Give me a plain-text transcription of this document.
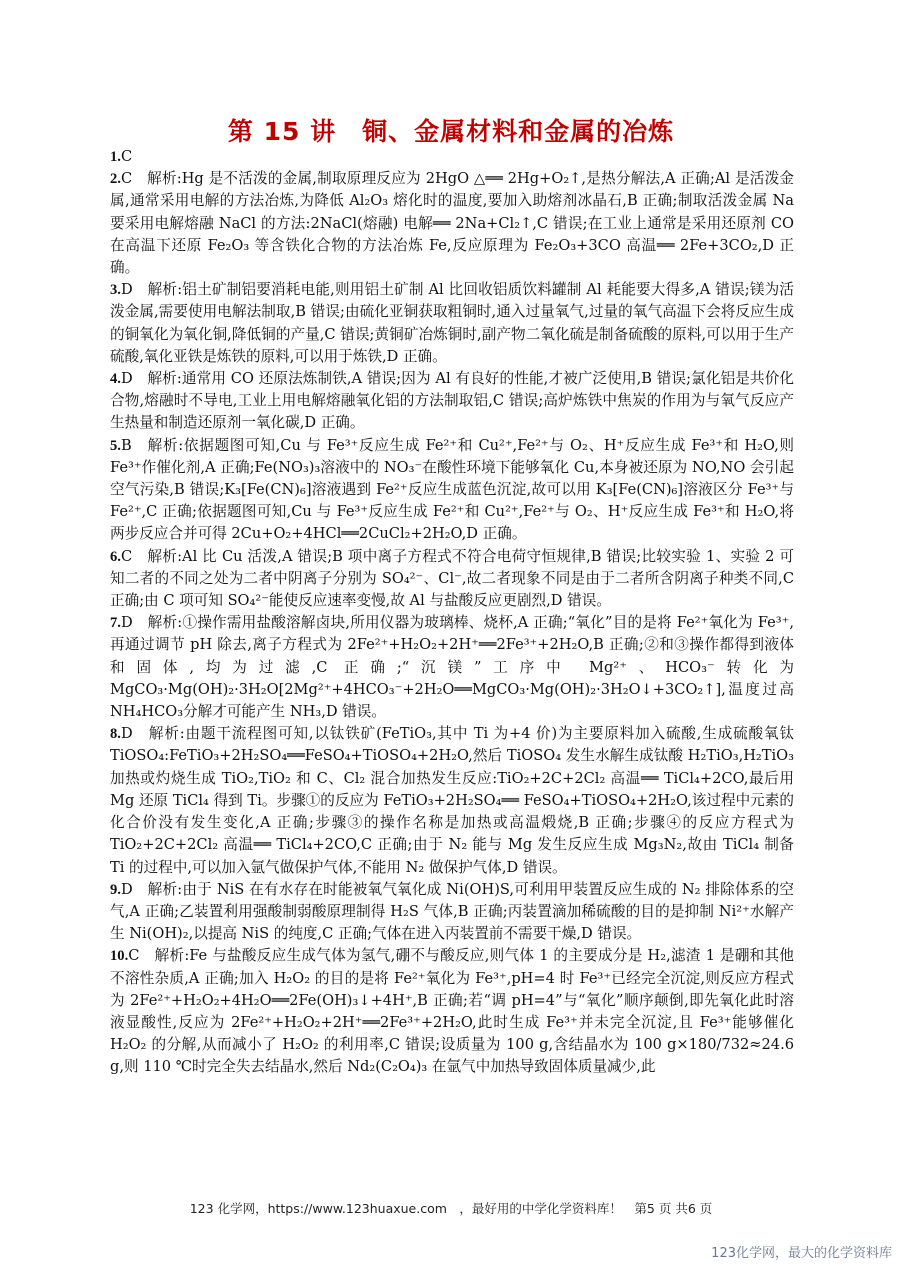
第 15 讲　铜、金属材料和金属的冶炼

1.C

2.C　解析:Hg 是不活泼的金属,制取原理反应为 2HgO △══ 2Hg+O₂↑,是热分解法,A 正确;Al 是活泼金属,通常采用电解的方法冶炼,为降低 Al₂O₃ 熔化时的温度,要加入助熔剂冰晶石,B 正确;制取活泼金属 Na 要采用电解熔融 NaCl 的方法:2NaCl(熔融) 电解══ 2Na+Cl₂↑,C 错误;在工业上通常是采用还原剂 CO 在高温下还原 Fe₂O₃ 等含铁化合物的方法冶炼 Fe,反应原理为 Fe₂O₃+3CO 高温══ 2Fe+3CO₂,D 正确。

3.D　解析:铝土矿制铝要消耗电能,则用铝土矿制 Al 比回收铝质饮料罐制 Al 耗能要大得多,A 错误;镁为活泼金属,需要使用电解法制取,B 错误;由硫化亚铜获取粗铜时,通入过量氧气,过量的氧气高温下会将反应生成的铜氧化为氧化铜,降低铜的产量,C 错误;黄铜矿冶炼铜时,副产物二氧化硫是制备硫酸的原料,可以用于生产硫酸,氧化亚铁是炼铁的原料,可以用于炼铁,D 正确。

4.D　解析:通常用 CO 还原法炼制铁,A 错误;因为 Al 有良好的性能,才被广泛使用,B 错误;氯化铝是共价化合物,熔融时不导电,工业上用电解熔融氧化铝的方法制取铝,C 错误;高炉炼铁中焦炭的作用为与氧气反应产生热量和制造还原剂一氧化碳,D 正确。

5.B　解析:依据题图可知,Cu 与 Fe³⁺反应生成 Fe²⁺和 Cu²⁺,Fe²⁺与 O₂、H⁺反应生成 Fe³⁺和 H₂O,则 Fe³⁺作催化剂,A 正确;Fe(NO₃)₃溶液中的 NO₃⁻在酸性环境下能够氧化 Cu,本身被还原为 NO,NO 会引起空气污染,B 错误;K₃[Fe(CN)₆]溶液遇到 Fe²⁺反应生成蓝色沉淀,故可以用 K₃[Fe(CN)₆]溶液区分 Fe³⁺与 Fe²⁺,C 正确;依据题图可知,Cu 与 Fe³⁺反应生成 Fe²⁺和 Cu²⁺,Fe²⁺与 O₂、H⁺反应生成 Fe³⁺和 H₂O,将两步反应合并可得 2Cu+O₂+4HCl══2CuCl₂+2H₂O,D 正确。

6.C　解析:Al 比 Cu 活泼,A 错误;B 项中离子方程式不符合电荷守恒规律,B 错误;比较实验 1、实验 2 可知二者的不同之处为二者中阴离子分别为 SO₄²⁻、Cl⁻,故二者现象不同是由于二者所含阴离子种类不同,C 正确;由 C 项可知 SO₄²⁻能使反应速率变慢,故 Al 与盐酸反应更剧烈,D 错误。

7.D　解析:①操作需用盐酸溶解卤块,所用仪器为玻璃棒、烧杯,A 正确;“氧化”目的是将 Fe²⁺氧化为 Fe³⁺,再通过调节 pH 除去,离子方程式为 2Fe²⁺+H₂O₂+2H⁺══2Fe³⁺+2H₂O,B 正确;②和③操作都得到液体和固体,均为过滤,C 正确;“沉镁”工序中 Mg²⁺、HCO₃⁻转化为 MgCO₃·Mg(OH)₂·3H₂O[2Mg²⁺+4HCO₃⁻+2H₂O══MgCO₃·Mg(OH)₂·3H₂O↓+3CO₂↑],温度过高 NH₄HCO₃分解才可能产生 NH₃,D 错误。

8.D　解析:由题干流程图可知,以钛铁矿(FeTiO₃,其中 Ti 为+4 价)为主要原料加入硫酸,生成硫酸氧钛 TiOSO₄:FeTiO₃+2H₂SO₄══FeSO₄+TiOSO₄+2H₂O,然后 TiOSO₄ 发生水解生成钛酸 H₂TiO₃,H₂TiO₃ 加热或灼烧生成 TiO₂,TiO₂ 和 C、Cl₂ 混合加热发生反应:TiO₂+2C+2Cl₂ 高温══ TiCl₄+2CO,最后用 Mg 还原 TiCl₄ 得到 Ti。步骤①的反应为 FeTiO₃+2H₂SO₄══ FeSO₄+TiOSO₄+2H₂O,该过程中元素的化合价没有发生变化,A 正确;步骤③的操作名称是加热或高温煅烧,B 正确;步骤④的反应方程式为 TiO₂+2C+2Cl₂ 高温══ TiCl₄+2CO,C 正确;由于 N₂ 能与 Mg 发生反应生成 Mg₃N₂,故由 TiCl₄ 制备 Ti 的过程中,可以加入氩气做保护气体,不能用 N₂ 做保护气体,D 错误。

9.D　解析:由于 NiS 在有水存在时能被氧气氧化成 Ni(OH)S,可利用甲装置反应生成的 N₂ 排除体系的空气,A 正确;乙装置利用强酸制弱酸原理制得 H₂S 气体,B 正确;丙装置滴加稀硫酸的目的是抑制 Ni²⁺水解产生 Ni(OH)₂,以提高 NiS 的纯度,C 正确;气体在进入丙装置前不需要干燥,D 错误。

10.C　解析:Fe 与盐酸反应生成气体为氢气,硼不与酸反应,则气体 1 的主要成分是 H₂,滤渣 1 是硼和其他不溶性杂质,A 正确;加入 H₂O₂ 的目的是将 Fe²⁺氧化为 Fe³⁺,pH=4 时 Fe³⁺已经完全沉淀,则反应方程式为 2Fe²⁺+H₂O₂+4H₂O══2Fe(OH)₃↓+4H⁺,B 正确;若“调 pH=4”与“氧化”顺序颠倒,即先氧化此时溶液显酸性,反应为 2Fe²⁺+H₂O₂+2H⁺══2Fe³⁺+2H₂O,此时生成 Fe³⁺并未完全沉淀,且 Fe³⁺能够催化 H₂O₂ 的分解,从而减小了 H₂O₂ 的利用率,C 错误;设质量为 100 g,含结晶水为 100 g×180/732≈24.6 g,则 110 ℃时完全失去结晶水,然后 Nd₂(C₂O₄)₃ 在氩气中加热导致固体质量减少,此

123 化学网，https://www.123huaxue.com　，最好用的中学化学资料库！　第5 页 共6 页
123化学网，最大的化学资料库
